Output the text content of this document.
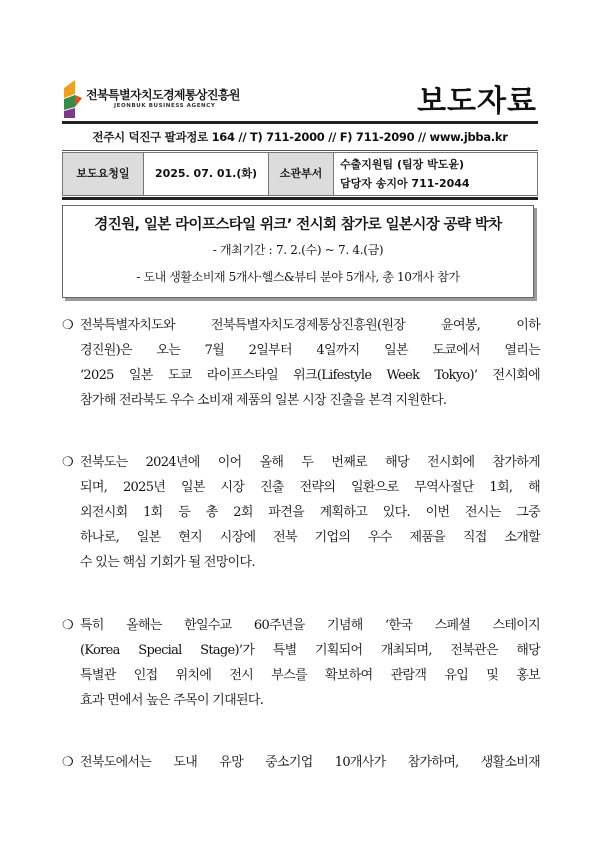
전북특별자치도경제통상진흥원
JEONBUK BUSINESS AGENCY	보도자료
전주시 덕진구 팔과정로 164 // T) 711-2000 // F) 711-2090 // www.jbba.kr
보도요청일	2025. 07. 01.(화)	소관부서	수출지원팀 (팀장 박도윤)
담당자 송지아 711-2044
경진원, 일본 라이프스타일 위크’ 전시회 참가로 일본시장 공략 박차
- 개최기간 : 7. 2.(수) ~ 7. 4.(금)
- 도내 생활소비재 5개사·헬스&뷰티 분야 5개사, 총 10개사 참가
❍ 전북특별자치도와 전북특별자치도경제통상진흥원(원장 윤여봉, 이하
경진원)은 오는 7월 2일부터 4일까지 일본 도쿄에서 열리는
‘2025 일본 도쿄 라이프스타일 위크(Lifestyle Week Tokyo)’ 전시회에
참가해 전라북도 우수 소비재 제품의 일본 시장 진출을 본격 지원한다.
❍ 전북도는 2024년에 이어 올해 두 번째로 해당 전시회에 참가하게
되며, 2025년 일본 시장 진출 전략의 일환으로 무역사절단 1회, 해
외전시회 1회 등 총 2회 파견을 계획하고 있다. 이번 전시는 그중
하나로, 일본 현지 시장에 전북 기업의 우수 제품을 직접 소개할
수 있는 핵심 기회가 될 전망이다.
❍ 특히 올해는 한일수교 60주년을 기념해 ‘한국 스페셜 스테이지
(Korea Special Stage)’가 특별 기획되어 개최되며, 전북관은 해당
특별관 인접 위치에 전시 부스를 확보하여 관람객 유입 및 홍보
효과 면에서 높은 주목이 기대된다.
❍ 전북도에서는 도내 유망 중소기업 10개사가 참가하며, 생활소비재
